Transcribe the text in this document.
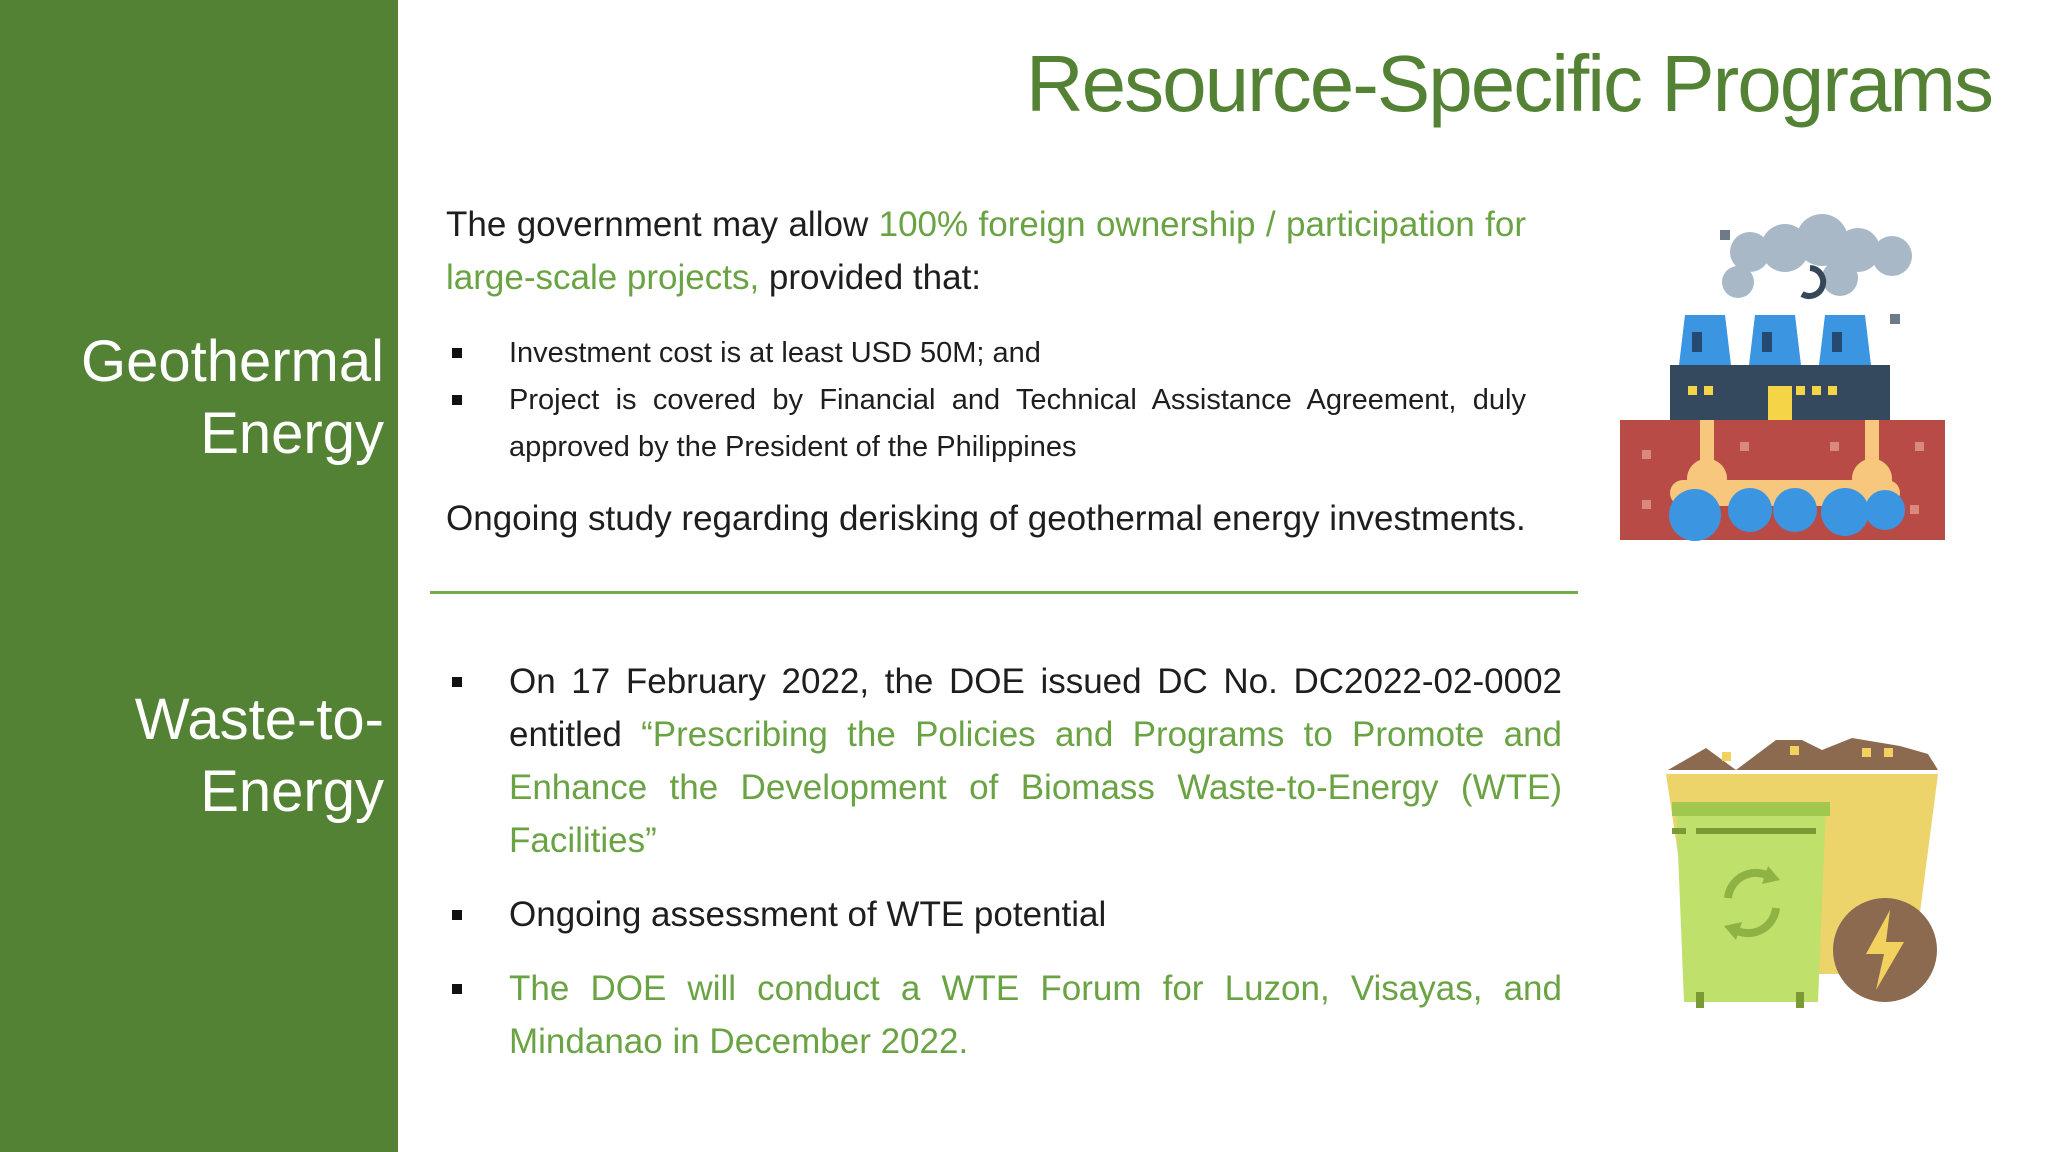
Geothermal
Energy
Waste-to-
Energy
Resource-Specific Programs

The government may allow 100% foreign ownership / participation for large-scale projects, provided that:

Investment cost is at least USD 50M; and
Project is covered by Financial and Technical Assistance Agreement, duly approved by the President of the Philippines

Ongoing study regarding derisking of geothermal energy investments.

On 17 February 2022, the DOE issued DC No. DC2022-02-0002 entitled “Prescribing the Policies and Programs to Promote and Enhance the Development of Biomass Waste-to-Energy (WTE) Facilities”
Ongoing assessment of WTE potential
The DOE will conduct a WTE Forum for Luzon, Visayas, and Mindanao in December 2022.
